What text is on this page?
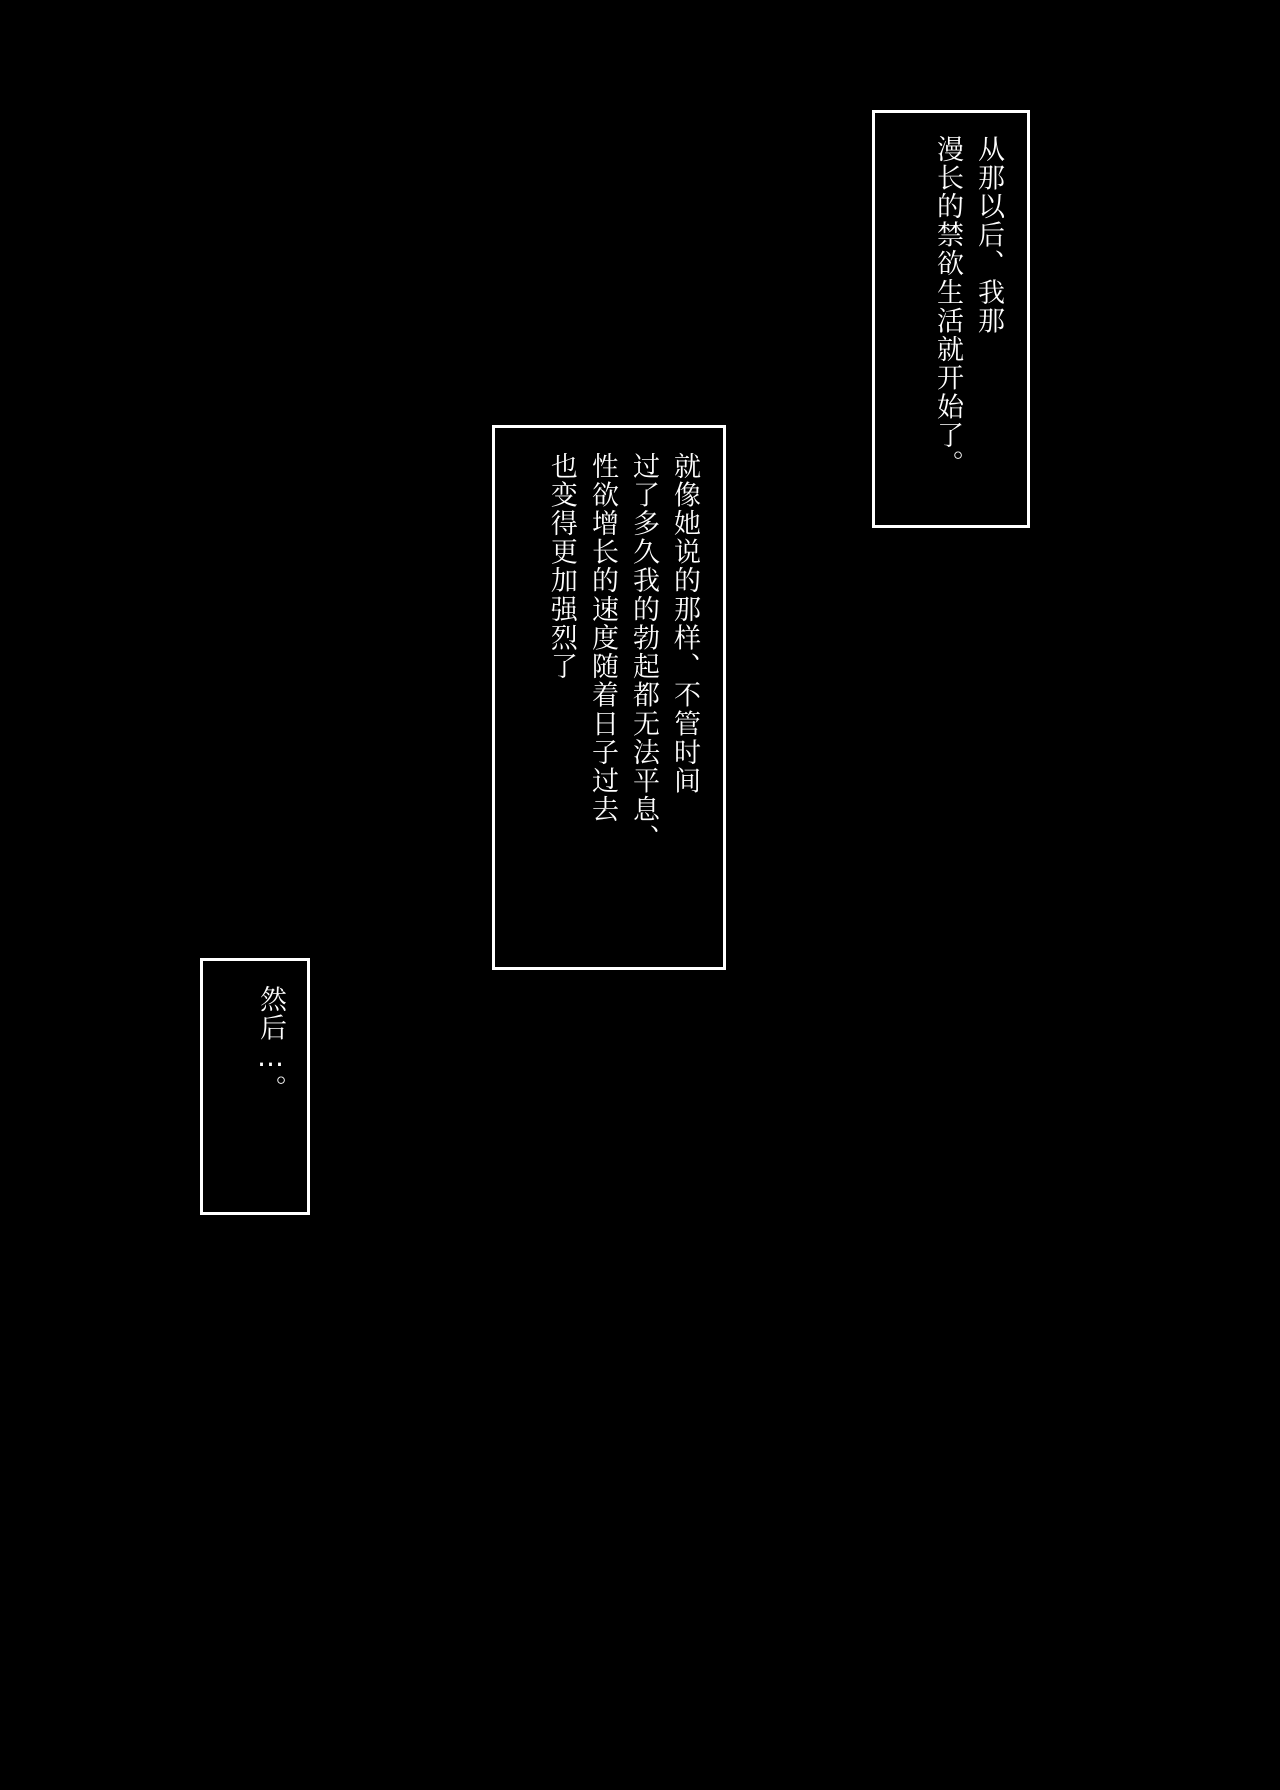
从那以后、我那
漫长的禁欲生活就开始了。
就像她说的那样、不管时间
过了多久我的勃起都无法平息、
性欲增长的速度随着日子过去
也变得更加强烈了
然后…。
